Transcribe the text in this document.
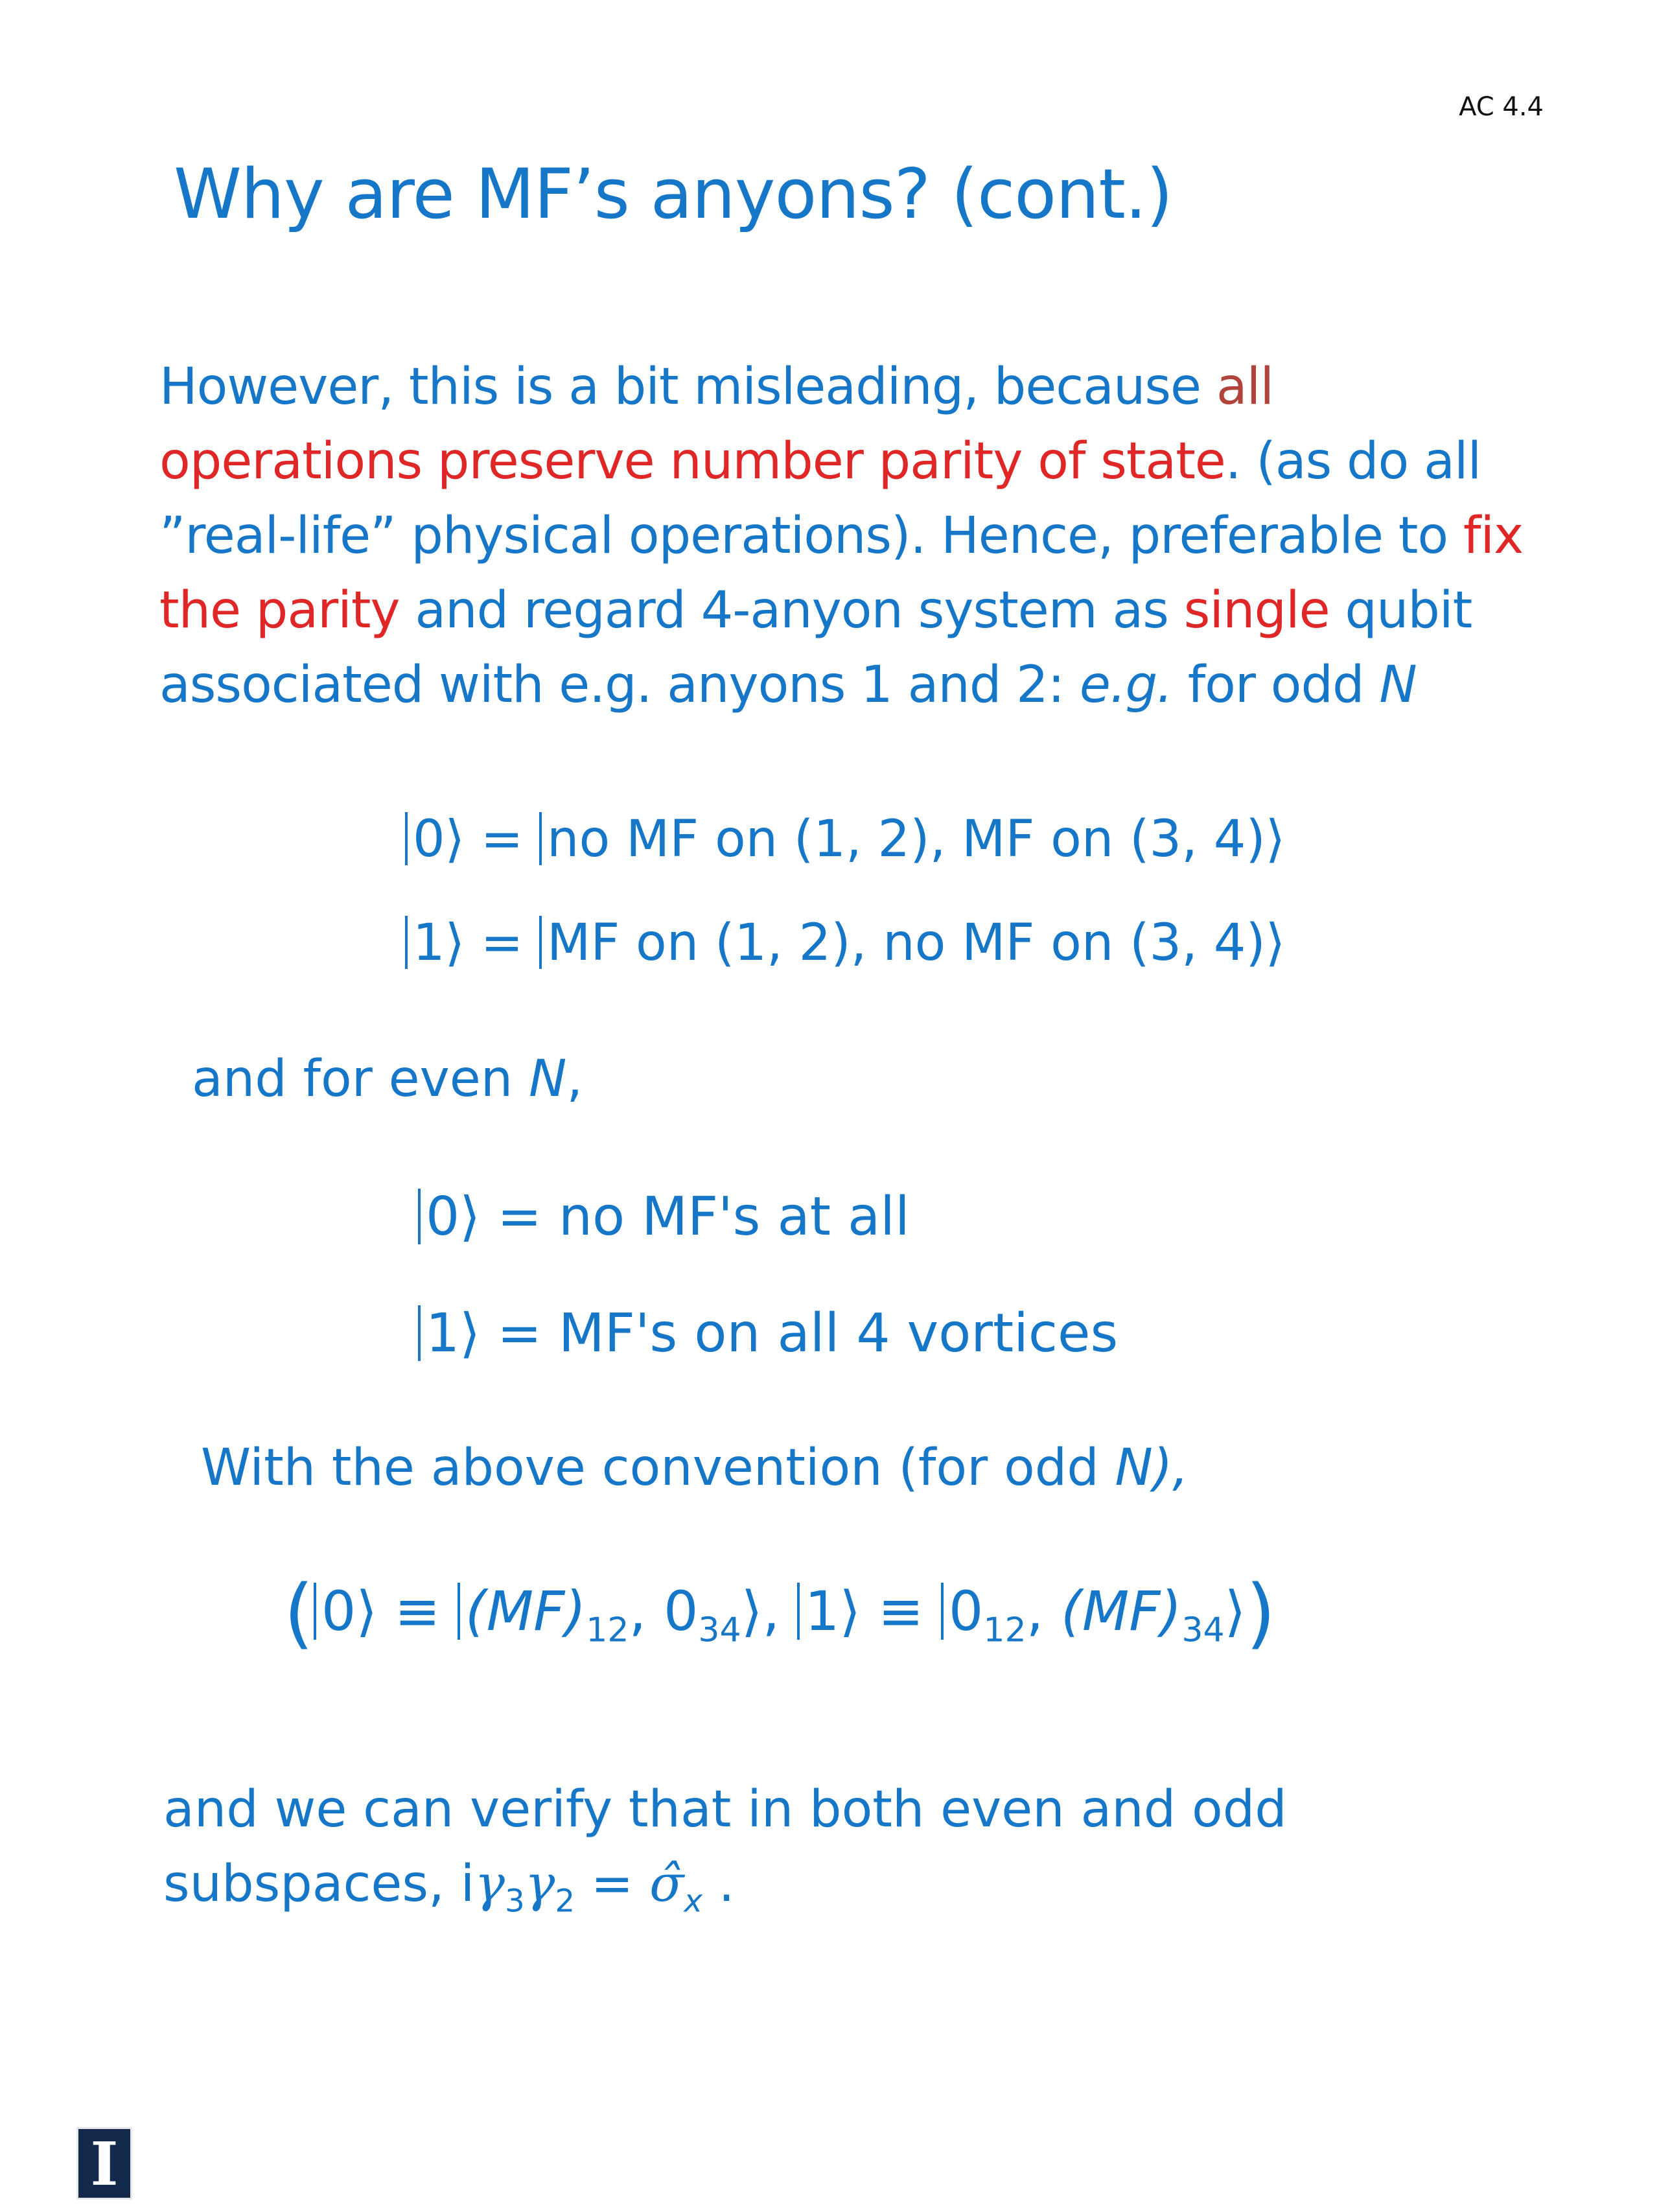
AC 4.4
Why are MF’s anyons? (cont.)
However, this is a bit misleading, because all
operations preserve number parity of state. (as do all
”real-life” physical operations). Hence, preferable to fix
the parity and regard 4-anyon system as single qubit
associated with e.g. anyons 1 and 2: e.g. for odd N
0⟩ = no MF on (1, 2), MF on (3, 4)⟩
1⟩ = MF on (1, 2), no MF on (3, 4)⟩
and for even N,
0⟩ = no MF's at all
1⟩ = MF's on all 4 vortices
With the above convention (for odd N),
( 0⟩ ≡ $(MF)_{12}$, $0_{34}⟩$, 1⟩ ≡ $0_{12}$, $(MF)_{34}⟩$)
and we can verify that in both even and odd
subspaces, $i\gamma_3\gamma_2$ = $\sigmâ_x$ .
I
